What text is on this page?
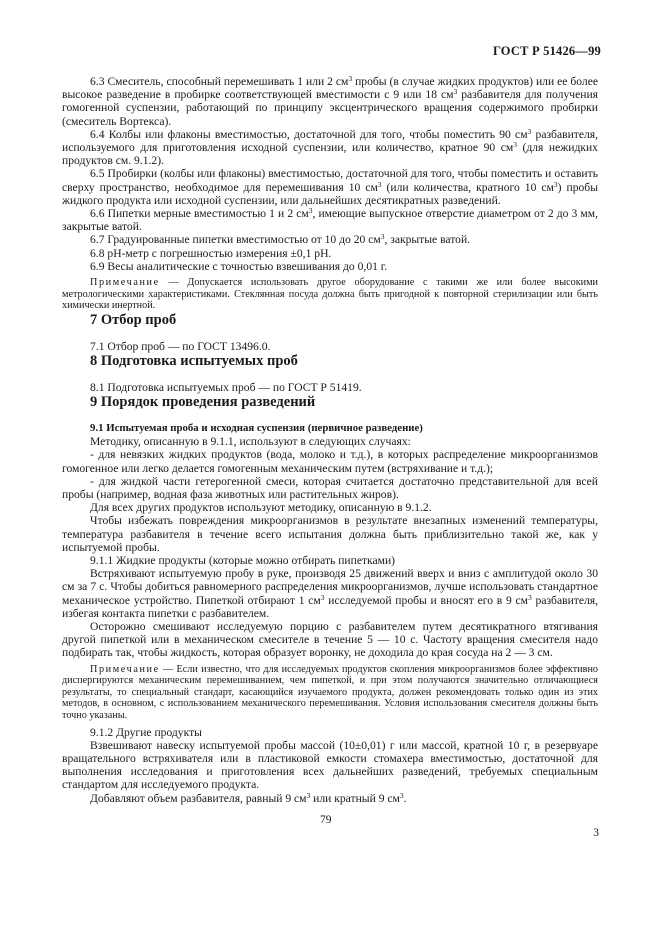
ГОСТ Р 51426—99

6.3 Смеситель, способный перемешивать 1 или 2 $см^3$ пробы (в случае жидких продуктов) или ее более высокое разведение в пробирке соответствующей вместимости с 9 или 18 $см^3$ разбавителя для получения гомогенной суспензии, работающий по принципу эксцентрического вращения содержимого пробирки (смеситель Вортекса).

6.4 Колбы или флаконы вместимостью, достаточной для того, чтобы поместить 90 $см^3$ разбавителя, используемого для приготовления исходной суспензии, или количество, кратное 90 $см^3$ (для нежидких продуктов см. 9.1.2).

6.5 Пробирки (колбы или флаконы) вместимостью, достаточной для того, чтобы поместить и оставить сверху пространство, необходимое для перемешивания 10 $см^3$ (или количества, кратного 10 $см^3$) пробы жидкого продукта или исходной суспензии, или дальнейших десятикратных разведений.

6.6 Пипетки мерные вместимостью 1 и 2 $см^3$, имеющие выпускное отверстие диаметром от 2 до 3 мм, закрытые ватой.

6.7 Градуированные пипетки вместимостью от 10 до 20 $см^3$, закрытые ватой.

6.8 pH-метр с погрешностью измерения ±0,1 pH.

6.9 Весы аналитические с точностью взвешивания до 0,01 г.

Примечание — Допускается использовать другое оборудование с такими же или более высокими метрологическими характеристиками. Стеклянная посуда должна быть пригодной к повторной стерилизации или быть химически инертной.

7 Отбор проб

7.1 Отбор проб — по ГОСТ 13496.0.

8 Подготовка испытуемых проб

8.1 Подготовка испытуемых проб — по ГОСТ Р 51419.

9 Порядок проведения разведений

9.1 Испытуемая проба и исходная суспензия (первичное разведение)

Методику, описанную в 9.1.1, используют в следующих случаях:

- для невязких жидких продуктов (вода, молоко и т.д.), в которых распределение микроорганизмов гомогенное или легко делается гомогенным механическим путем (встряхивание и т.д.);

- для жидкой части гетерогенной смеси, которая считается достаточно представительной для всей пробы (например, водная фаза животных или растительных жиров).

Для всех других продуктов используют методику, описанную в 9.1.2.

Чтобы избежать повреждения микроорганизмов в результате внезапных изменений температуры, температура разбавителя в течение всего испытания должна быть приблизительно такой же, как у испытуемой пробы.

9.1.1 Жидкие продукты (которые можно отбирать пипетками)

Встряхивают испытуемую пробу в руке, производя 25 движений вверх и вниз с амплитудой около 30 см за 7 с. Чтобы добиться равномерного распределения микроорганизмов, лучше использовать стандартное механическое устройство. Пипеткой отбирают 1 $см^3$ исследуемой пробы и вносят его в 9 $см^3$ разбавителя, избегая контакта пипетки с разбавителем.

Осторожно смешивают исследуемую порцию с разбавителем путем десятикратного втягивания другой пипеткой или в механическом смесителе в течение 5 — 10 с. Частоту вращения смесителя надо подбирать так, чтобы жидкость, которая образует воронку, не доходила до края сосуда на 2 — 3 см.

Примечание — Если известно, что для исследуемых продуктов скопления микроорганизмов более эффективно диспергируются механическим перемешиванием, чем пипеткой, и при этом получаются значительно отличающиеся результаты, то специальный стандарт, касающийся изучаемого продукта, должен рекомендовать только один из этих методов, в основном, с использованием механического перемешивания. Условия использования смесителя должны быть точно указаны.

9.1.2 Другие продукты

Взвешивают навеску испытуемой пробы массой (10±0,01) г или массой, кратной 10 г, в резервуаре вращательного встряхивателя или в пластиковой емкости стомахера вместимостью, достаточной для выполнения исследования и приготовления всех дальнейших разведений, требуемых специальным стандартом для исследуемого продукта.

Добавляют объем разбавителя, равный 9 $см^3$ или кратный 9 $см^3$.

79
3
